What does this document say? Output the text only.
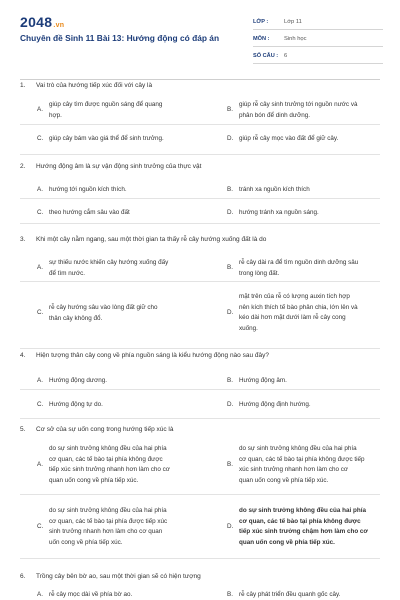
2048.vn
Chuyên đề Sinh 11 Bài 13: Hướng động có đáp án
LỚP :	Lớp 11
MÔN :	Sinh học
SỐ CÂU :	6
1. Vai trò của hướng tiếp xúc đối với cây là
A.
giúp cây tìm được nguồn sáng để quang
hợp.
B.
giúp rễ cây sinh trưởng tới nguồn nước và
phân bón để dinh dưỡng.
C. giúp cây bám vào giá thể để sinh trưởng.	D. giúp rễ cây mọc vào đất để giữ cây.
2. Hướng động âm là sự vận động sinh trưởng của thực vật
A. hướng tới nguồn kích thích.	B. tránh xa nguồn kích thích
C. theo hướng cắm sâu vào đất	D. hướng tránh xa nguồn sáng.
3. Khi một cây nằm ngang, sau một thời gian ta thấy rễ cây hướng xuống đất là do
A.
sự thiếu nước khiến cây hướng xuống đấy
để tìm nước.
B.
rễ cây dài ra để tìm nguồn dinh dưỡng sâu
trong lòng đất.
C.
rễ cây hướng sâu vào lòng đất giữ cho
thân cây không đổ.
D.
mặt trên của rễ có lượng auxin tích hợp
nên kích thích tế bào phân chia, lớn lên và
kéo dài hơn mặt dưới làm rễ cây cong
xuống.
4. Hiện tượng thân cây cong về phía nguồn sáng là kiểu hướng động nào sau đây?
A. Hướng động dương.	B. Hướng động âm.
C. Hướng động tự do.	D. Hướng động định hướng.
5. Cơ sở của sự uốn cong trong hướng tiếp xúc là
A.
do sự sinh trưởng không đều của hai phía
cơ quan, các tế bào tại phía không được
tiếp xúc sinh trưởng nhanh hơn làm cho cơ
quan uốn cong về phía tiếp xúc.
B.
do sự sinh trưởng không đều của hai phía
cơ quan, các tế bào tại phía không được tiếp
xúc sinh trưởng nhanh hơn làm cho cơ
quan uốn cong về phía tiếp xúc.
C.
do sự sinh trưởng không đều của hai phía
cơ quan, các tế bào tại phía được tiếp xúc
sinh trưởng nhanh hơn làm cho cơ quan
uốn cong về phía tiếp xúc.
D.
do sự sinh trưởng không đều của hai phía
cơ quan, các tế bào tại phía không được
tiếp xúc sinh trưởng chậm hơn làm cho cơ
quan uốn cong về phía tiếp xúc.
6. Trồng cây bên bờ ao, sau một thời gian sẽ có hiện tượng
A. rễ cây mọc dài về phía bờ ao.	B. rễ cây phát triển đều quanh gốc cây.
